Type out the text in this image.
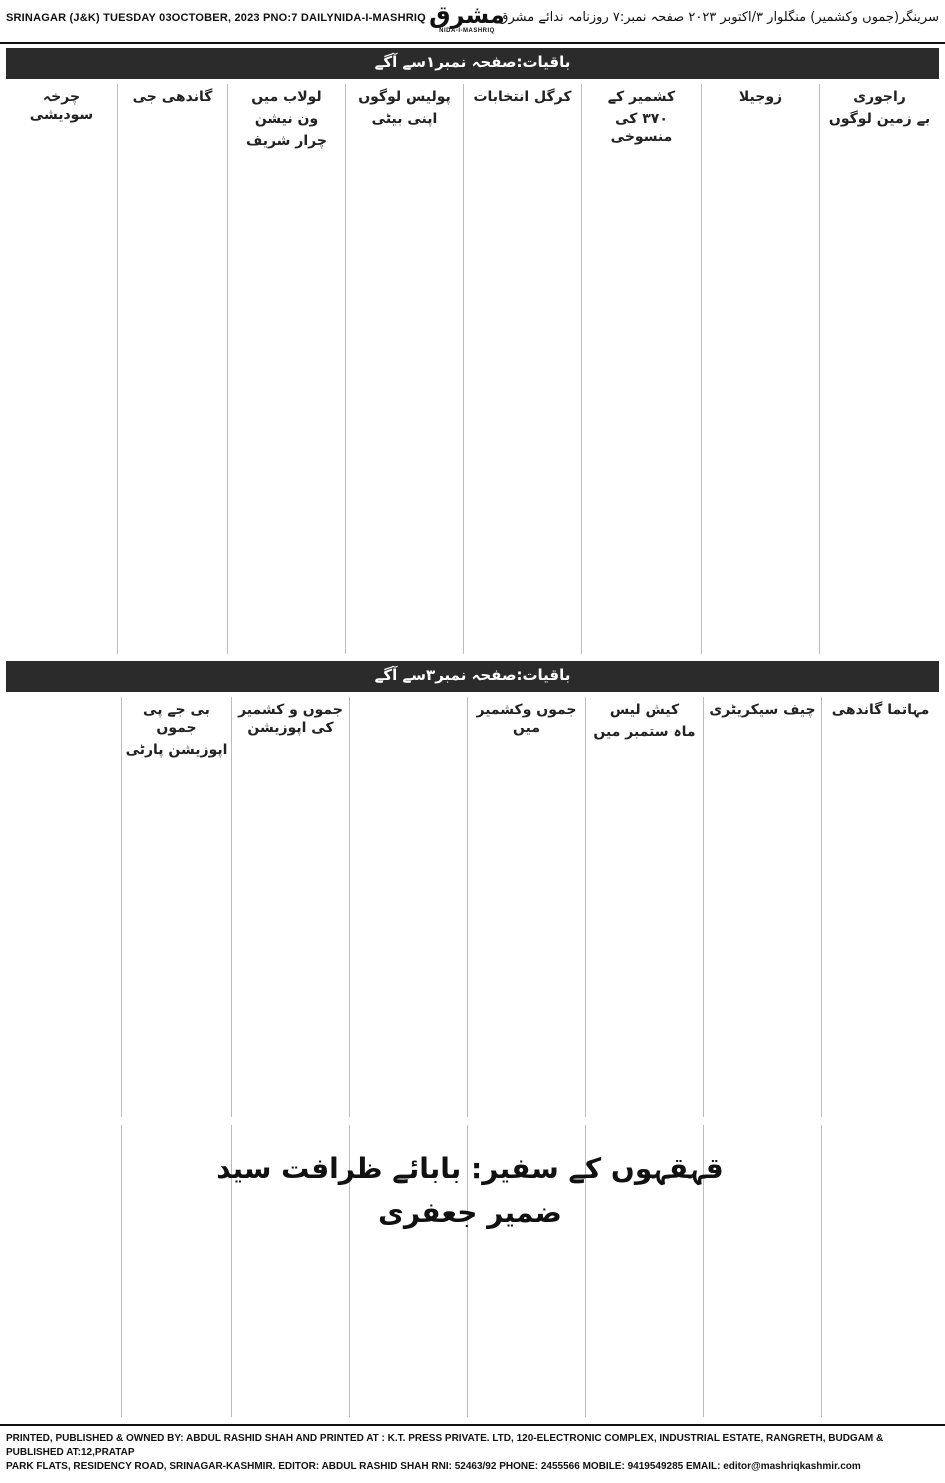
SRINAGAR (J&K) TUESDAY 03OCTOBER, 2023 PNO:7 DAILYNIDA-I-MASHRIQ مشرق
NIDA-I-MASHRIQ
سرینگر(جموں وکشمیر) منگلوار ۳/اکتوبر ۲۰۲۳ صفحہ نمبر:۷ روزنامہ ندائے مشرق
باقیات:صفحہ نمبر۱سے آگے
راجوری
بے زمین لوگوں
زوجیلا
کشمیر کے
۳۷۰ کی منسوخی
کرگل انتخابات
پولیس لوگوں
اپنی بیٹی
لولاب میں
ون نیشن
چرار شریف
گاندھی جی
چرخہ سودیشی
باقیات:صفحہ نمبر۳سے آگے
مہاتما گاندھی
چیف سیکریٹری
کیش لیس
ماہ ستمبر میں
جموں وکشمیر میں
جموں و کشمیر کی اپوزیشن
بی جے پی جموں
اپوزیشن پارٹی
قہقہوں کے سفیر: بابائے ظرافت سید ضمیر جعفری
PRINTED, PUBLISHED & OWNED BY: ABDUL RASHID SHAH AND PRINTED AT : K.T. PRESS PRIVATE. LTD, 120-ELECTRONIC COMPLEX, INDUSTRIAL ESTATE, RANGRETH, BUDGAM & PUBLISHED AT:12,PRATAP
PARK FLATS, RESIDENCY ROAD, SRINAGAR-KASHMIR. EDITOR: ABDUL RASHID SHAH RNI: 52463/92 PHONE: 2455566 MOBILE: 9419549285 EMAIL: editor@mashriqkashmir.com
